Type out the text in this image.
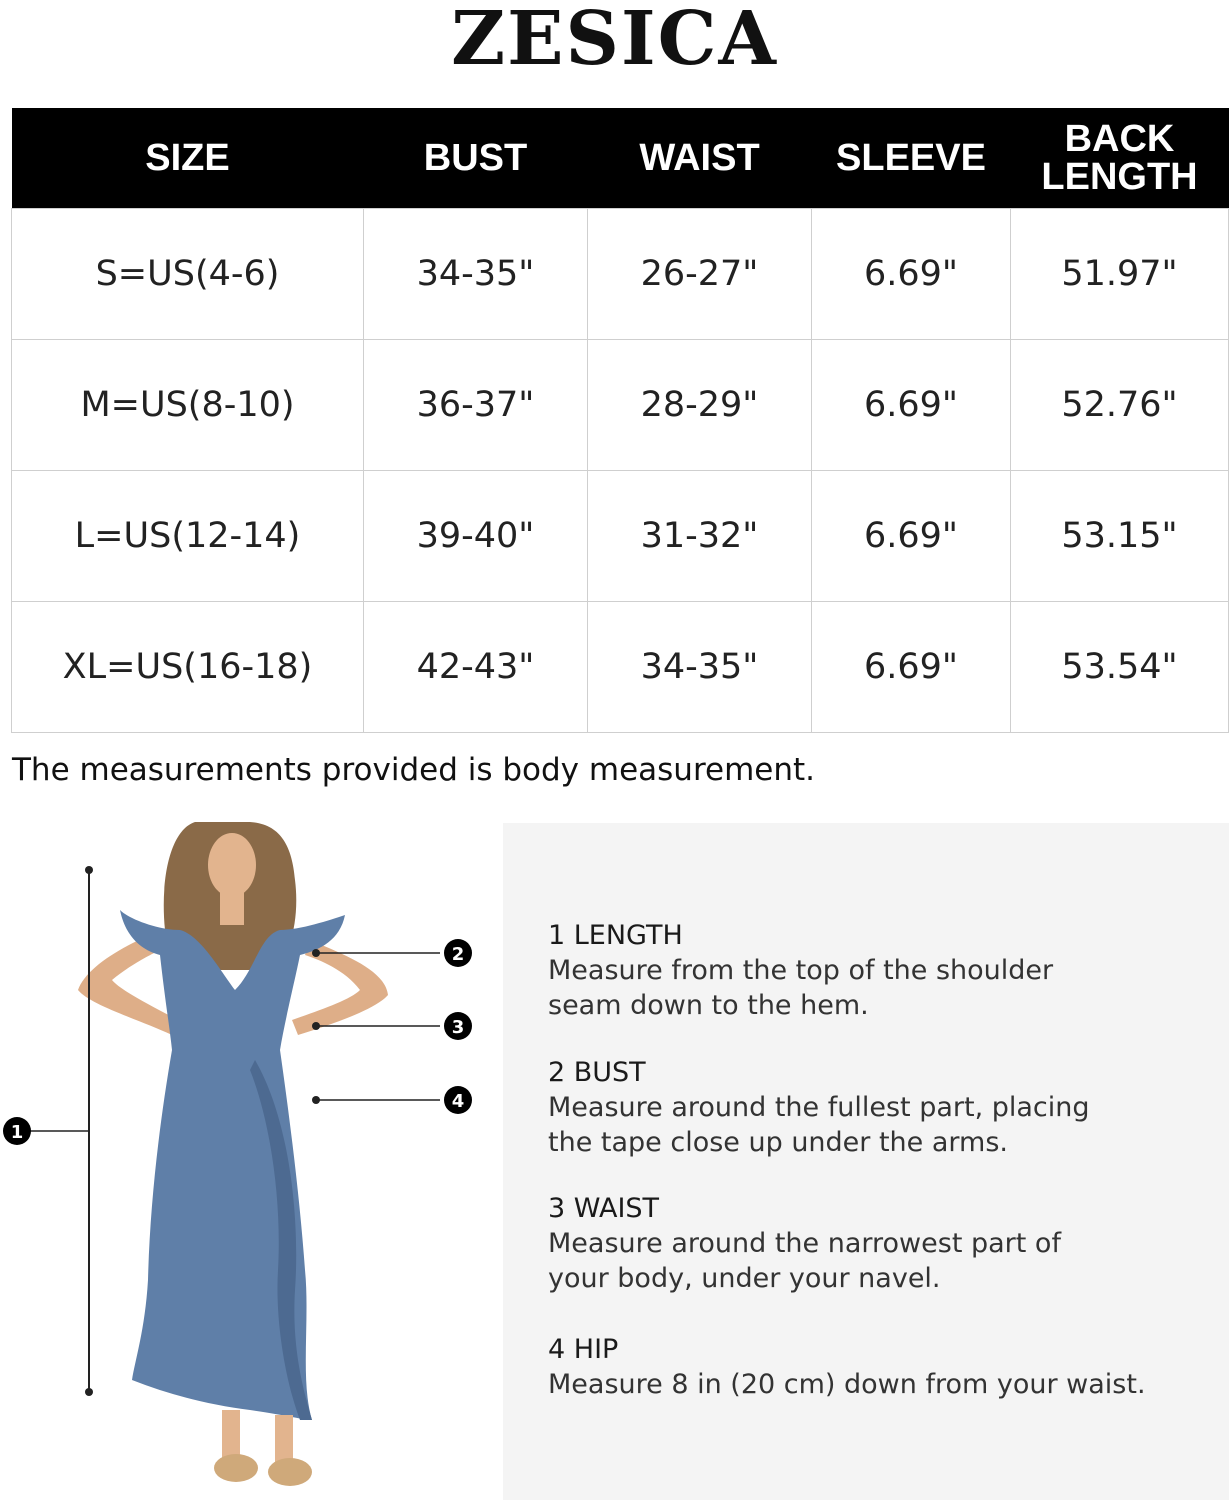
ZESICA
SIZE	BUST	WAIST	SLEEVE	BACK
LENGTH
S=US(4-6)	34-35"	26-27"	6.69"	51.97"
M=US(8-10)	36-37"	28-29"	6.69"	52.76"
L=US(12-14)	39-40"	31-32"	6.69"	53.15"
XL=US(16-18)	42-43"	34-35"	6.69"	53.54"
The measurements provided is body measurement.
1
2
3
4
1 LENGTH
Measure from the top of the shoulder
seam down to the hem.
2 BUST
Measure around the fullest part, placing
the tape close up under the arms.
3 WAIST
Measure around the narrowest part of
your body, under your navel.
4 HIP
Measure 8 in (20 cm) down from your waist.
